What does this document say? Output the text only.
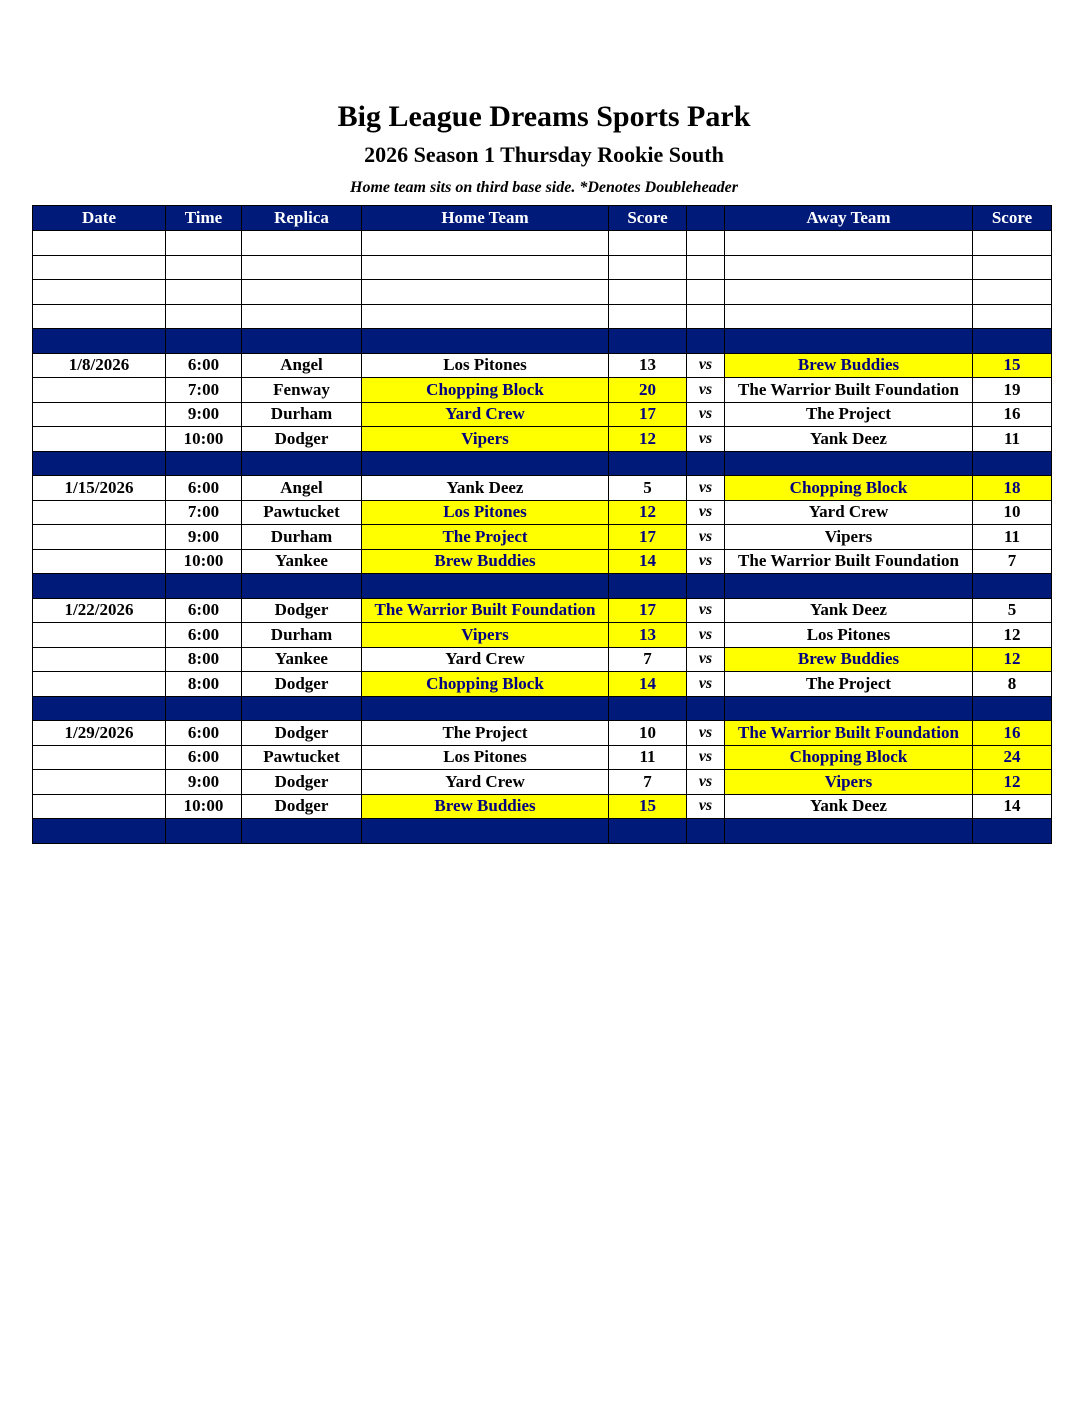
Big League Dreams Sports Park
2026 Season 1 Thursday Rookie South
Home team sits on third base side. *Denotes Doubleheader
Date	Time	Replica	Home Team	Score		Away Team	Score

1/8/2026	6:00	Angel	Los Pitones	13	vs	Brew Buddies	15
	7:00	Fenway	Chopping Block	20	vs	The Warrior Built Foundation	19
	9:00	Durham	Yard Crew	17	vs	The Project	16
	10:00	Dodger	Vipers	12	vs	Yank Deez	11

1/15/2026	6:00	Angel	Yank Deez	5	vs	Chopping Block	18
	7:00	Pawtucket	Los Pitones	12	vs	Yard Crew	10
	9:00	Durham	The Project	17	vs	Vipers	11
	10:00	Yankee	Brew Buddies	14	vs	The Warrior Built Foundation	7

1/22/2026	6:00	Dodger	The Warrior Built Foundation	17	vs	Yank Deez	5
	6:00	Durham	Vipers	13	vs	Los Pitones	12
	8:00	Yankee	Yard Crew	7	vs	Brew Buddies	12
	8:00	Dodger	Chopping Block	14	vs	The Project	8

1/29/2026	6:00	Dodger	The Project	10	vs	The Warrior Built Foundation	16
	6:00	Pawtucket	Los Pitones	11	vs	Chopping Block	24
	9:00	Dodger	Yard Crew	7	vs	Vipers	12
	10:00	Dodger	Brew Buddies	15	vs	Yank Deez	14
